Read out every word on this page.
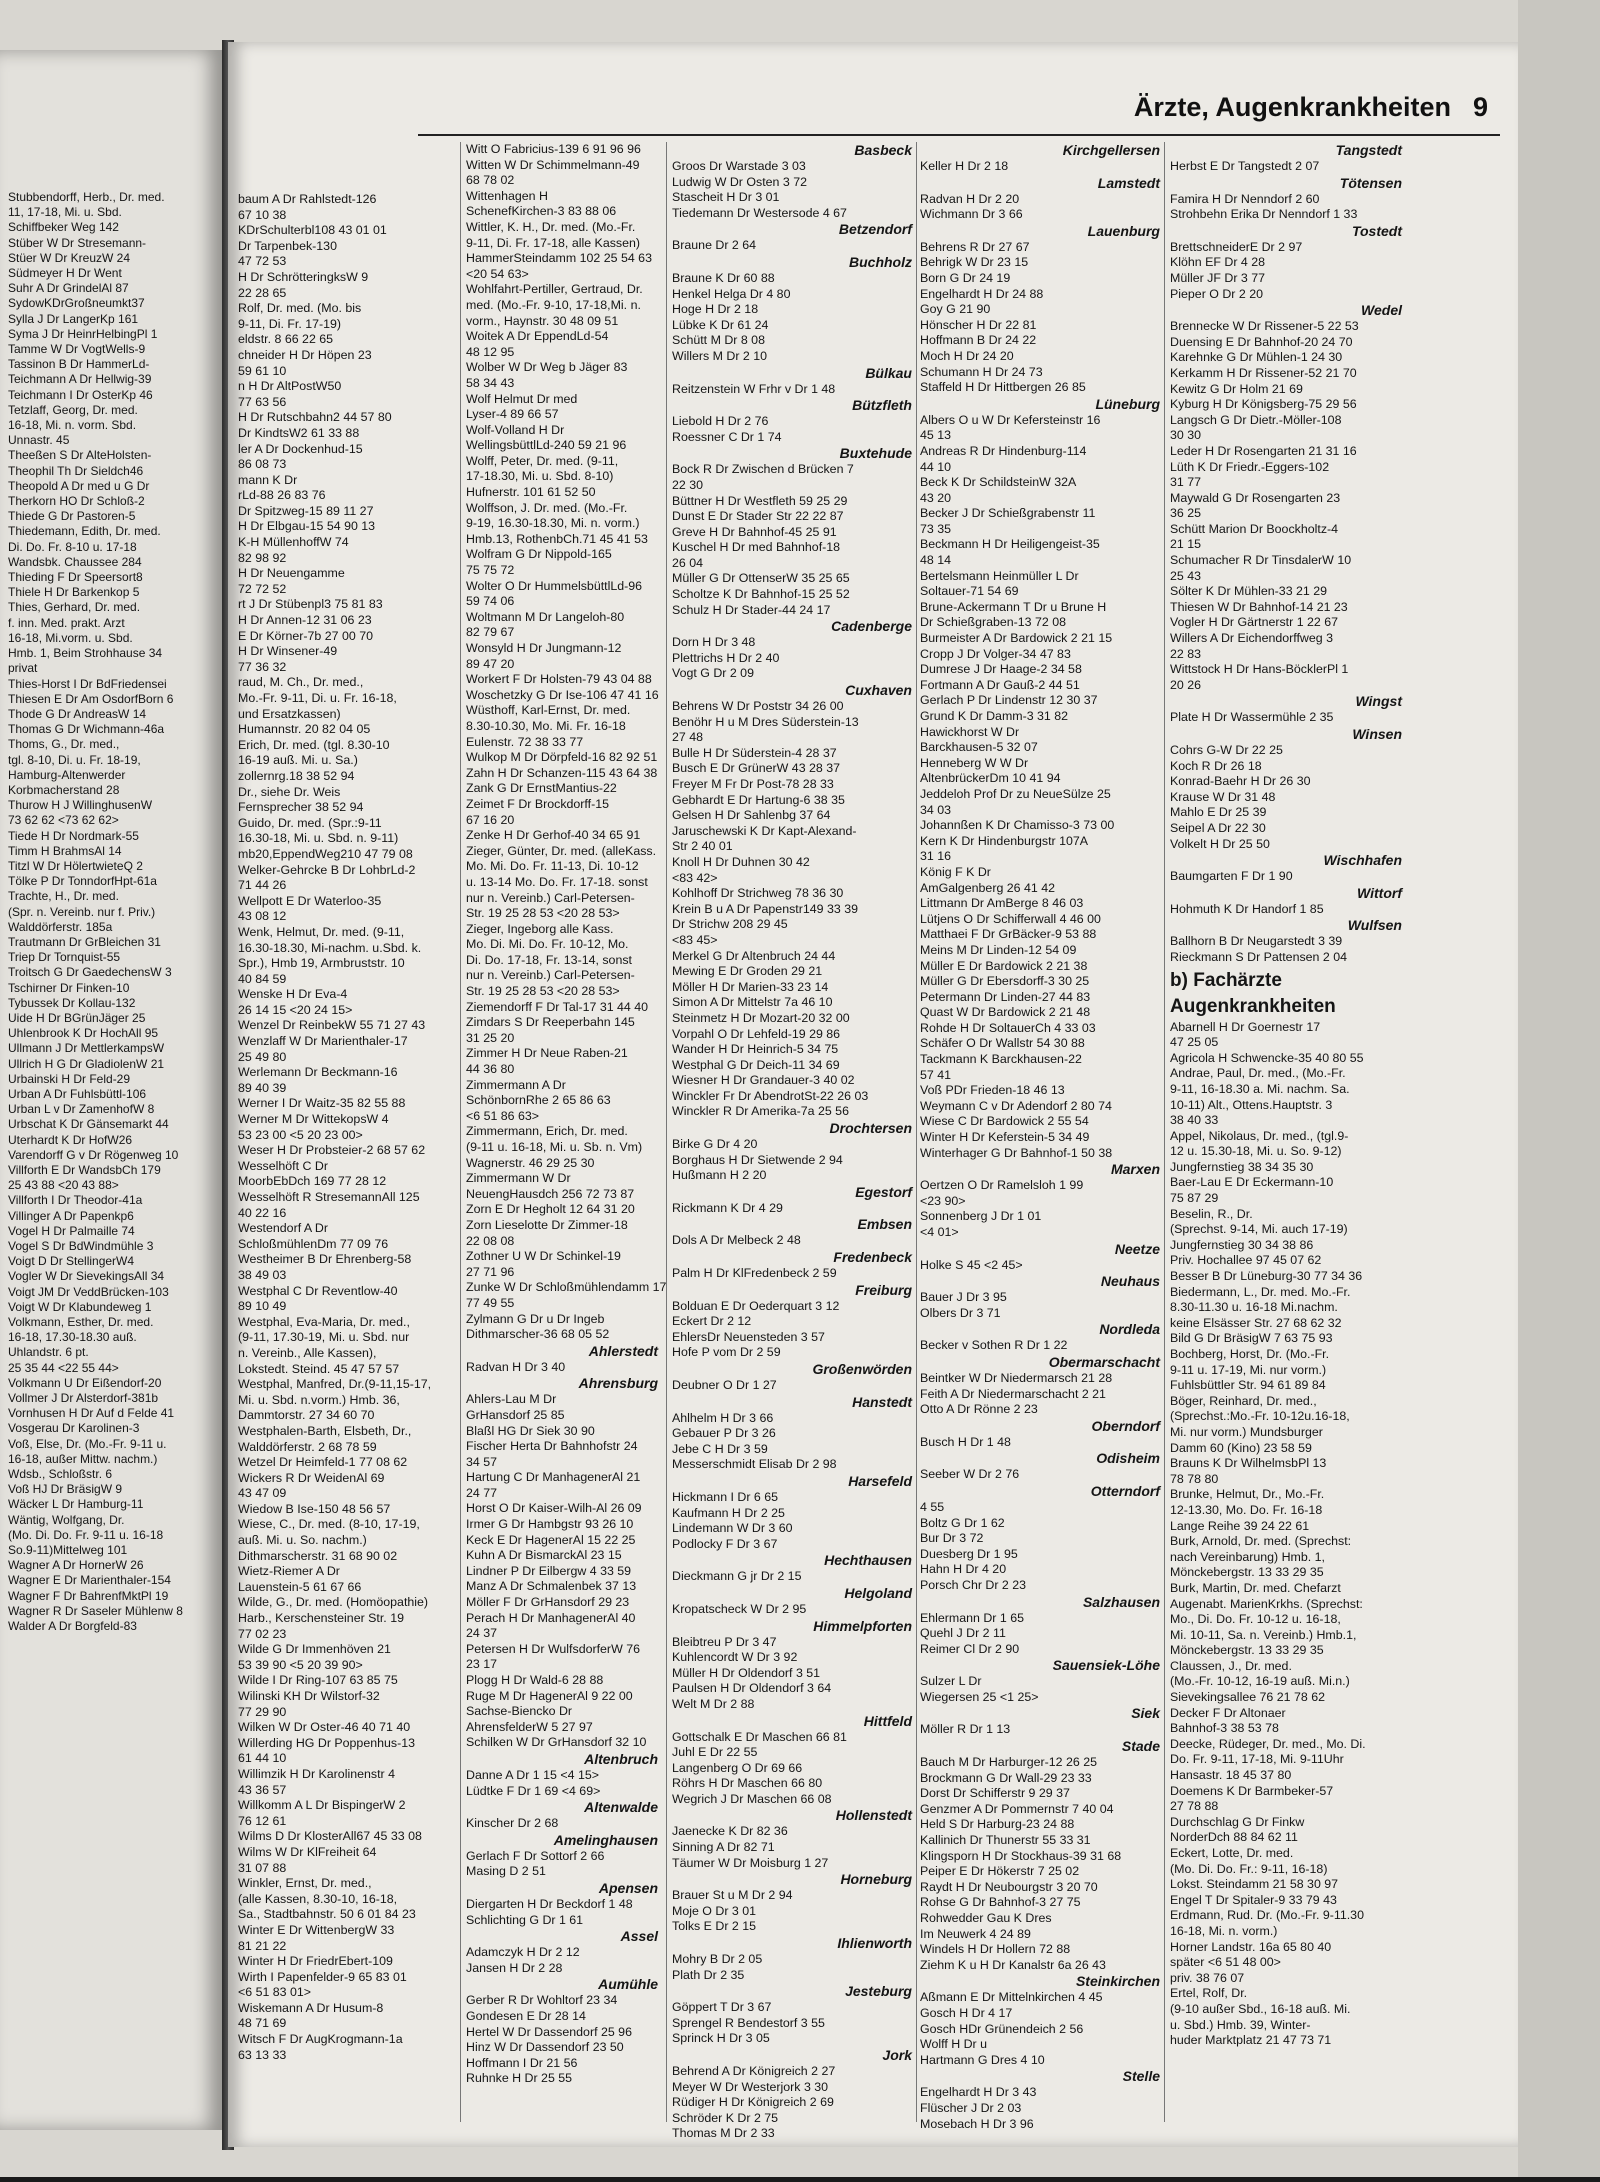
Stubbendorff, Herb., Dr. med.
11, 17-18, Mi. u. Sbd.
Schiffbeker Weg 142
Stüber W Dr Stresemann-
Stüer W Dr KreuzW 24
Südmeyer H Dr Went
Suhr A Dr GrindelAl 87
SydowKDrGroßneumkt37
Sylla J Dr LangerKp 161
Syma J Dr HeinrHelbingPl 1
Tamme W Dr VogtWells-9
Tassinon B Dr HammerLd-
Teichmann A Dr Hellwig-39
Teichmann I Dr OsterKp 46
Tetzlaff, Georg, Dr. med.
16-18, Mi. n. vorm. Sbd.
Unnastr. 45
Theeßen S Dr AlteHolsten-
Theophil Th Dr Sieldch46
Theopold A Dr med u G Dr
Therkorn HO Dr Schloß-2
Thiede G Dr Pastoren-5
Thiedemann, Edith, Dr. med.
Di. Do. Fr. 8-10 u. 17-18
Wandsbk. Chaussee 284
Thieding F Dr Speersort8
Thiele H Dr Barkenkop 5
Thies, Gerhard, Dr. med.
f. inn. Med. prakt. Arzt
16-18, Mi.vorm. u. Sbd.
Hmb. 1, Beim Strohhause 34
privat
Thies-Horst I Dr BdFriedensei
Thiesen E Dr Am OsdorfBorn 6
Thode G Dr AndreasW 14
Thomas G Dr Wichmann-46a
Thoms, G., Dr. med.,
tgl. 8-10, Di. u. Fr. 18-19,
Hamburg-Altenwerder
Korbmacherstand 28
Thurow H J WillinghusenW
73 62 62 <73 62 62>
Tiede H Dr Nordmark-55
Timm H BrahmsAl 14
Titzl W Dr HölertwieteQ 2
Tölke P Dr TonndorfHpt-61a
Trachte, H., Dr. med.
(Spr. n. Vereinb. nur f. Priv.)
Walddörferstr. 185a
Trautmann Dr GrBleichen 31
Triep Dr Tornquist-55
Troitsch G Dr GaedechensW 3
Tschirner Dr Finken-10
Tybussek Dr Kollau-132
Uide H Dr BGrünJäger 25
Uhlenbrook K Dr HochAll 95
Ullmann J Dr MettlerkampsW
Ullrich H G Dr GladiolenW 21
Urbainski H Dr Feld-29
Urban A Dr Fuhlsbüttl-106
Urban L v Dr ZamenhofW 8
Urbschat K Dr Gänsemarkt 44
Uterhardt K Dr HofW26
Varendorff G v Dr Rögenweg 10
Villforth E Dr WandsbCh 179
25 43 88 <20 43 88>
Villforth I Dr Theodor-41a
Villinger A Dr Papenkp6
Vogel H Dr Palmaille 74
Vogel S Dr BdWindmühle 3
Voigt D Dr StellingerW4
Vogler W Dr SievekingsAll 34
Voigt JM Dr VeddBrücken-103
Voigt W Dr Klabundeweg 1
Volkmann, Esther, Dr. med.
16-18, 17.30-18.30 auß.
Uhlandstr. 6 pt.
25 35 44 <22 55 44>
Volkmann U Dr Eißendorf-20
Vollmer J Dr Alsterdorf-381b
Vornhusen H Dr Auf d Felde 41
Vosgerau Dr Karolinen-3
Voß, Else, Dr. (Mo.-Fr. 9-11 u.
16-18, außer Mittw. nachm.)
Wdsb., Schloßstr. 6
Voß HJ Dr BräsigW 9
Wäcker L Dr Hamburg-11
Wäntig, Wolfgang, Dr.
(Mo. Di. Do. Fr. 9-11 u. 16-18
So.9-11)Mittelweg 101
Wagner A Dr HornerW 26
Wagner E Dr Marienthaler-154
Wagner F Dr BahrenfMktPl 19
Wagner R Dr Saseler Mühlenw 8
Walder A Dr Borgfeld-83
Ärzte, Augenkrankheiten 9
baum A Dr Rahlstedt-126
67 10 38
KDrSchulterbl108 43 01 01
Dr Tarpenbek-130
47 72 53
H Dr SchrötteringksW 9
22 28 65
Rolf, Dr. med. (Mo. bis
9-11, Di. Fr. 17-19)
eldstr. 8 66 22 65
chneider H Dr Höpen 23
59 61 10
n H Dr AltPostW50
77 63 56
H Dr Rutschbahn2 44 57 80
Dr KindtsW2 61 33 88
ler A Dr Dockenhud-15
86 08 73
mann K Dr
rLd-88 26 83 76
Dr Spitzweg-15 89 11 27
H Dr Elbgau-15 54 90 13
K-H MüllenhoffW 74
82 98 92
H Dr Neuengamme
72 72 52
rt J Dr Stübenpl3 75 81 83
H Dr Annen-12 31 06 23
E Dr Körner-7b 27 00 70
H Dr Winsener-49
77 36 32
raud, M. Ch., Dr. med.,
Mo.-Fr. 9-11, Di. u. Fr. 16-18,
und Ersatzkassen)
Humannstr. 20 82 04 05
Erich, Dr. med. (tgl. 8.30-10
16-19 auß. Mi. u. Sa.)
zollernrg.18 38 52 94
Dr., siehe Dr. Weis
Fernsprecher 38 52 94
Guido, Dr. med. (Spr.:9-11
16.30-18, Mi. u. Sbd. n. 9-11)
mb20,EppendWeg210 47 79 08
Welker-Gehrcke B Dr LohbrLd-2
71 44 26
Wellpott E Dr Waterloo-35
43 08 12
Wenk, Helmut, Dr. med. (9-11,
16.30-18.30, Mi-nachm. u.Sbd. k.
Spr.), Hmb 19, Armbruststr. 10
40 84 59
Wenske H Dr Eva-4
26 14 15 <20 24 15>
Wenzel Dr ReinbekW 55 71 27 43
Wenzlaff W Dr Marienthaler-17
25 49 80
Werlemann Dr Beckmann-16
89 40 39
Werner I Dr Waitz-35 82 55 88
Werner M Dr WittekopsW 4
53 23 00 <5 20 23 00>
Weser H Dr Probsteier-2 68 57 62
Wesselhöft C Dr
MoorbEbDch 169 77 28 12
Wesselhöft R StresemannAll 125
40 22 16
Westendorf A Dr
SchloßmühlenDm 77 09 76
Westheimer B Dr Ehrenberg-58
38 49 03
Westphal C Dr Reventlow-40
89 10 49
Westphal, Eva-Maria, Dr. med.,
(9-11, 17.30-19, Mi. u. Sbd. nur
n. Vereinb., Alle Kassen),
Lokstedt. Steind. 45 47 57 57
Westphal, Manfred, Dr.(9-11,15-17,
Mi. u. Sbd. n.vorm.) Hmb. 36,
Dammtorstr. 27 34 60 70
Westphalen-Barth, Elsbeth, Dr.,
Walddörferstr. 2 68 78 59
Wetzel Dr Heimfeld-1 77 08 62
Wickers R Dr WeidenAl 69
43 47 09
Wiedow B Ise-150 48 56 57
Wiese, C., Dr. med. (8-10, 17-19,
auß. Mi. u. So. nachm.)
Dithmarscherstr. 31 68 90 02
Wietz-Riemer A Dr
Lauenstein-5 61 67 66
Wilde, G., Dr. med. (Homöopathie)
Harb., Kerschensteiner Str. 19
77 02 23
Wilde G Dr Immenhöven 21
53 39 90 <5 20 39 90>
Wilde I Dr Ring-107 63 85 75
Wilinski KH Dr Wilstorf-32
77 29 90
Wilken W Dr Oster-46 40 71 40
Willerding HG Dr Poppenhus-13
61 44 10
Willimzik H Dr Karolinenstr 4
43 36 57
Willkomm A L Dr BispingerW 2
76 12 61
Wilms D Dr KlosterAll67 45 33 08
Wilms W Dr KlFreiheit 64
31 07 88
Winkler, Ernst, Dr. med.,
(alle Kassen, 8.30-10, 16-18,
Sa., Stadtbahnstr. 50 6 01 84 23
Winter E Dr WittenbergW 33
81 21 22
Winter H Dr FriedrEbert-109
Wirth I Papenfelder-9 65 83 01
<6 51 83 01>
Wiskemann A Dr Husum-8
48 71 69
Witsch F Dr AugKrogmann-1a
63 13 33
Witt O Fabricius-139 6 91 96 96
Witten W Dr Schimmelmann-49
68 78 02
Wittenhagen H
SchenefKirchen-3 83 88 06
Wittler, K. H., Dr. med. (Mo.-Fr.
9-11, Di. Fr. 17-18, alle Kassen)
HammerSteindamm 102 25 54 63
<20 54 63>
Wohlfahrt-Pertiller, Gertraud, Dr.
med. (Mo.-Fr. 9-10, 17-18,Mi. n.
vorm., Haynstr. 30 48 09 51
Woitek A Dr EppendLd-54
48 12 95
Wolber W Dr Weg b Jäger 83
58 34 43
Wolf Helmut Dr med
Lyser-4 89 66 57
Wolf-Volland H Dr
WellingsbüttlLd-240 59 21 96
Wolff, Peter, Dr. med. (9-11,
17-18.30, Mi. u. Sbd. 8-10)
Hufnerstr. 101 61 52 50
Wolffson, J. Dr. med. (Mo.-Fr.
9-19, 16.30-18.30, Mi. n. vorm.)
Hmb.13, RothenbCh.71 45 41 53
Wolfram G Dr Nippold-165
75 75 72
Wolter O Dr HummelsbüttlLd-96
59 74 06
Woltmann M Dr Langeloh-80
82 79 67
Wonsyld H Dr Jungmann-12
89 47 20
Workert F Dr Holsten-79 43 04 88
Woschetzky G Dr Ise-106 47 41 16
Wüsthoff, Karl-Ernst, Dr. med.
8.30-10.30, Mo. Mi. Fr. 16-18
Eulenstr. 72 38 33 77
Wulkop M Dr Dörpfeld-16 82 92 51
Zahn H Dr Schanzen-115 43 64 38
Zank G Dr ErnstMantius-22
Zeimet F Dr Brockdorff-15
67 16 20
Zenke H Dr Gerhof-40 34 65 91
Zieger, Günter, Dr. med. (alleKass.
Mo. Mi. Do. Fr. 11-13, Di. 10-12
u. 13-14 Mo. Do. Fr. 17-18. sonst
nur n. Vereinb.) Carl-Petersen-
Str. 19 25 28 53 <20 28 53>
Zieger, Ingeborg alle Kass.
Mo. Di. Mi. Do. Fr. 10-12, Mo.
Di. Do. 17-18, Fr. 13-14, sonst
nur n. Vereinb.) Carl-Petersen-
Str. 19 25 28 53 <20 28 53>
Ziemendorff F Dr Tal-17 31 44 40
Zimdars S Dr Reeperbahn 145
31 25 20
Zimmer H Dr Neue Raben-21
44 36 80
Zimmermann A Dr
SchönbornRhe 2 65 86 63
<6 51 86 63>
Zimmermann, Erich, Dr. med.
(9-11 u. 16-18, Mi. u. Sb. n. Vm)
Wagnerstr. 46 29 25 30
Zimmermann W Dr
NeuengHausdch 256 72 73 87
Zorn E Dr Hegholt 12 64 31 20
Zorn Lieselotte Dr Zimmer-18
22 08 08
Zothner U W Dr Schinkel-19
27 71 96
Zunke W Dr Schloßmühlendamm 17
77 49 55
Zylmann G Dr u Dr Ingeb
Dithmarscher-36 68 05 52
Ahlerstedt
Radvan H Dr 3 40
Ahrensburg
Ahlers-Lau M Dr
GrHansdorf 25 85
Blaßl HG Dr Siek 30 90
Fischer Herta Dr Bahnhofstr 24
34 57
Hartung C Dr ManhagenerAl 21
24 77
Horst O Dr Kaiser-Wilh-Al 26 09
Irmer G Dr Hambgstr 93 26 10
Keck E Dr HagenerAl 15 22 25
Kuhn A Dr BismarckAl 23 15
Lindner P Dr Eilbergw 4 33 59
Manz A Dr Schmalenbek 37 13
Möller F Dr GrHansdorf 29 23
Perach H Dr ManhagenerAl 40
24 37
Petersen H Dr WulfsdorferW 76
23 17
Plogg H Dr Wald-6 28 88
Ruge M Dr HagenerAl 9 22 00
Sachse-Biencko Dr
AhrensfelderW 5 27 97
Schilken W Dr GrHansdorf 32 10
Altenbruch
Danne A Dr 1 15 <4 15>
Lüdtke F Dr 1 69 <4 69>
Altenwalde
Kinscher Dr 2 68
Amelinghausen
Gerlach F Dr Sottorf 2 66
Masing D 2 51
Apensen
Diergarten H Dr Beckdorf 1 48
Schlichting G Dr 1 61
Assel
Adamczyk H Dr 2 12
Jansen H Dr 2 28
Aumühle
Gerber R Dr Wohltorf 23 34
Gondesen E Dr 28 14
Hertel W Dr Dassendorf 25 96
Hinz W Dr Dassendorf 23 50
Hoffmann I Dr 21 56
Ruhnke H Dr 25 55
Basbeck
Groos Dr Warstade 3 03
Ludwig W Dr Osten 3 72
Stascheit H Dr 3 01
Tiedemann Dr Westersode 4 67
Betzendorf
Braune Dr 2 64
Buchholz
Braune K Dr 60 88
Henkel Helga Dr 4 80
Hoge H Dr 2 18
Lübke K Dr 61 24
Schütt M Dr 8 08
Willers M Dr 2 10
Bülkau
Reitzenstein W Frhr v Dr 1 48
Bützfleth
Liebold H Dr 2 76
Roessner C Dr 1 74
Buxtehude
Bock R Dr Zwischen d Brücken 7
22 30
Büttner H Dr Westfleth 59 25 29
Dunst E Dr Stader Str 22 22 87
Greve H Dr Bahnhof-45 25 91
Kuschel H Dr med Bahnhof-18
26 04
Müller G Dr OttenserW 35 25 65
Scholtze K Dr Bahnhof-15 25 52
Schulz H Dr Stader-44 24 17
Cadenberge
Dorn H Dr 3 48
Plettrichs H Dr 2 40
Vogt G Dr 2 09
Cuxhaven
Behrens W Dr Poststr 34 26 00
Benöhr H u M Dres Süderstein-13
27 48
Bulle H Dr Süderstein-4 28 37
Busch E Dr GrünerW 43 28 37
Freyer M Fr Dr Post-78 28 33
Gebhardt E Dr Hartung-6 38 35
Gelsen H Dr Sahlenbg 37 64
Jaruschewski K Dr Kapt-Alexand-
Str 2 40 01
Knoll H Dr Duhnen 30 42
<83 42>
Kohlhoff Dr Strichweg 78 36 30
Krein B u A Dr Papenstr149 33 39
Dr Strichw 208 29 45
<83 45>
Merkel G Dr Altenbruch 24 44
Mewing E Dr Groden 29 21
Möller H Dr Marien-33 23 14
Simon A Dr Mittelstr 7a 46 10
Steinmetz H Dr Mozart-20 32 00
Vorpahl O Dr Lehfeld-19 29 86
Wander H Dr Heinrich-5 34 75
Westphal G Dr Deich-11 34 69
Wiesner H Dr Grandauer-3 40 02
Winckler Fr Dr AbendrotSt-22 26 03
Winckler R Dr Amerika-7a 25 56
Drochtersen
Birke G Dr 4 20
Borghaus H Dr Sietwende 2 94
Hußmann H 2 20
Egestorf
Rickmann K Dr 4 29
Embsen
Dols A Dr Melbeck 2 48
Fredenbeck
Palm H Dr KlFredenbeck 2 59
Freiburg
Bolduan E Dr Oederquart 3 12
Eckert Dr 2 12
EhlersDr Neuensteden 3 57
Hofe P vom Dr 2 59
Großenwörden
Deubner O Dr 1 27
Hanstedt
Ahlhelm H Dr 3 66
Gebauer P Dr 3 26
Jebe C H Dr 3 59
Messerschmidt Elisab Dr 2 98
Harsefeld
Hickmann I Dr 6 65
Kaufmann H Dr 2 25
Lindemann W Dr 3 60
Podlocky F Dr 3 67
Hechthausen
Dieckmann G jr Dr 2 15
Helgoland
Kropatscheck W Dr 2 95
Himmelpforten
Bleibtreu P Dr 3 47
Kuhlencordt W Dr 3 92
Müller H Dr Oldendorf 3 51
Paulsen H Dr Oldendorf 3 64
Welt M Dr 2 88
Hittfeld
Gottschalk E Dr Maschen 66 81
Juhl E Dr 22 55
Langenberg O Dr 69 66
Röhrs H Dr Maschen 66 80
Wegrich J Dr Maschen 66 08
Hollenstedt
Jaenecke K Dr 82 36
Sinning A Dr 82 71
Täumer W Dr Moisburg 1 27
Horneburg
Brauer St u M Dr 2 94
Moje O Dr 3 01
Tolks E Dr 2 15
Ihlienworth
Mohry B Dr 2 05
Plath Dr 2 35
Jesteburg
Göppert T Dr 3 67
Sprengel R Bendestorf 3 55
Sprinck H Dr 3 05
Jork
Behrend A Dr Königreich 2 27
Meyer W Dr Westerjork 3 30
Rüdiger H Dr Königreich 2 69
Schröder K Dr 2 75
Thomas M Dr 2 33
Kirchgellersen
Keller H Dr 2 18
Lamstedt
Radvan H Dr 2 20
Wichmann Dr 3 66
Lauenburg
Behrens R Dr 27 67
Behrigk W Dr 23 15
Born G Dr 24 19
Engelhardt H Dr 24 88
Goy G 21 90
Hönscher H Dr 22 81
Hoffmann B Dr 24 22
Moch H Dr 24 20
Schumann H Dr 24 73
Staffeld H Dr Hittbergen 26 85
Lüneburg
Albers O u W Dr Kefersteinstr 16
45 13
Andreas R Dr Hindenburg-114
44 10
Beck K Dr SchildsteinW 32A
43 20
Becker J Dr Schießgrabenstr 11
73 35
Beckmann H Dr Heiligengeist-35
48 14
Bertelsmann Heinmüller L Dr
Soltauer-71 54 69
Brune-Ackermann T Dr u Brune H
Dr Schießgraben-13 72 08
Burmeister A Dr Bardowick 2 21 15
Cropp J Dr Volger-34 47 83
Dumrese J Dr Haage-2 34 58
Fortmann A Dr Gauß-2 44 51
Gerlach P Dr Lindenstr 12 30 37
Grund K Dr Damm-3 31 82
Hawickhorst W Dr
Barckhausen-5 32 07
Henneberg W W Dr
AltenbrückerDm 10 41 94
Jeddeloh Prof Dr zu NeueSülze 25
34 03
Johannßen K Dr Chamisso-3 73 00
Kern K Dr Hindenburgstr 107A
31 16
König F K Dr
AmGalgenberg 26 41 42
Littmann Dr AmBerge 8 46 03
Lütjens O Dr Schifferwall 4 46 00
Matthaei F Dr GrBäcker-9 53 88
Meins M Dr Linden-12 54 09
Müller E Dr Bardowick 2 21 38
Müller G Dr Ebersdorff-3 30 25
Petermann Dr Linden-27 44 83
Quast W Dr Bardowick 2 21 48
Rohde H Dr SoltauerCh 4 33 03
Schäfer O Dr Wallstr 54 30 88
Tackmann K Barckhausen-22
57 41
Voß PDr Frieden-18 46 13
Weymann C v Dr Adendorf 2 80 74
Wiese C Dr Bardowick 2 55 54
Winter H Dr Keferstein-5 34 49
Winterhager G Dr Bahnhof-1 50 38
Marxen
Oertzen O Dr Ramelsloh 1 99
<23 90>
Sonnenberg J Dr 1 01
<4 01>
Neetze
Holke S 45 <2 45>
Neuhaus
Bauer J Dr 3 95
Olbers Dr 3 71
Nordleda
Becker v Sothen R Dr 1 22
Obermarschacht
Beintker W Dr Niedermarsch 21 28
Feith A Dr Niedermarschacht 2 21
Otto A Dr Rönne 2 23
Oberndorf
Busch H Dr 1 48
Odisheim
Seeber W Dr 2 76
Otterndorf
4 55
Boltz G Dr 1 62
Bur Dr 3 72
Duesberg Dr 1 95
Hahn H Dr 4 20
Porsch Chr Dr 2 23
Salzhausen
Ehlermann Dr 1 65
Quehl J Dr 2 11
Reimer Cl Dr 2 90
Sauensiek-Löhe
Sulzer L Dr
Wiegersen 25 <1 25>
Siek
Möller R Dr 1 13
Stade
Bauch M Dr Harburger-12 26 25
Brockmann G Dr Wall-29 23 33
Dorst Dr Schifferstr 9 29 37
Genzmer A Dr Pommernstr 7 40 04
Held S Dr Harburg-23 24 88
Kallinich Dr Thunerstr 55 33 31
Klingsporn H Dr Stockhaus-39 31 68
Peiper E Dr Hökerstr 7 25 02
Raydt H Dr Neubourgstr 3 20 70
Rohse G Dr Bahnhof-3 27 75
Rohwedder Gau K Dres
Im Neuwerk 4 24 89
Windels H Dr Hollern 72 88
Ziehm K u H Dr Kanalstr 6a 26 43
Steinkirchen
Aßmann E Dr Mittelnkirchen 4 45
Gosch H Dr 4 17
Gosch HDr Grünendeich 2 56
Wolff H Dr u
Hartmann G Dres 4 10
Stelle
Engelhardt H Dr 3 43
Flüscher J Dr 2 03
Mosebach H Dr 3 96
Tangstedt
Herbst E Dr Tangstedt 2 07
Tötensen
Famira H Dr Nenndorf 2 60
Strohbehn Erika Dr Nenndorf 1 33
Tostedt
BrettschneiderE Dr 2 97
Klöhn EF Dr 4 28
Müller JF Dr 3 77
Pieper O Dr 2 20
Wedel
Brennecke W Dr Rissener-5 22 53
Duensing E Dr Bahnhof-20 24 70
Karehnke G Dr Mühlen-1 24 30
Kerkamm H Dr Rissener-52 21 70
Kewitz G Dr Holm 21 69
Kyburg H Dr Königsberg-75 29 56
Langsch G Dr Dietr.-Möller-108
30 30
Leder H Dr Rosengarten 21 31 16
Lüth K Dr Friedr.-Eggers-102
31 77
Maywald G Dr Rosengarten 23
36 25
Schütt Marion Dr Boockholtz-4
21 15
Schumacher R Dr TinsdalerW 10
25 43
Sölter K Dr Mühlen-33 21 29
Thiesen W Dr Bahnhof-14 21 23
Vogler H Dr Gärtnerstr 1 22 67
Willers A Dr Eichendorffweg 3
22 83
Wittstock H Dr Hans-BöcklerPl 1
20 26
Wingst
Plate H Dr Wassermühle 2 35
Winsen
Cohrs G-W Dr 22 25
Koch R Dr 26 18
Konrad-Baehr H Dr 26 30
Krause W Dr 31 48
Mahlo E Dr 25 39
Seipel A Dr 22 30
Volkelt H Dr 25 50
Wischhafen
Baumgarten F Dr 1 90
Wittorf
Hohmuth K Dr Handorf 1 85
Wulfsen
Ballhorn B Dr Neugarstedt 3 39
Rieckmann S Dr Pattensen 2 04
b) Fachärzte
Augenkrankheiten
Abarnell H Dr Goernestr 17
47 25 05
Agricola H Schwencke-35 40 80 55
Andrae, Paul, Dr. med., (Mo.-Fr.
9-11, 16-18.30 a. Mi. nachm. Sa.
10-11) Alt., Ottens.Hauptstr. 3
38 40 33
Appel, Nikolaus, Dr. med., (tgl.9-
12 u. 15.30-18, Mi. u. So. 9-12)
Jungfernstieg 38 34 35 30
Baer-Lau E Dr Eckermann-10
75 87 29
Beselin, R., Dr.
(Sprechst. 9-14, Mi. auch 17-19)
Jungfernstieg 30 34 38 86
Priv. Hochallee 97 45 07 62
Besser B Dr Lüneburg-30 77 34 36
Biedermann, L., Dr. med. Mo.-Fr.
8.30-11.30 u. 16-18 Mi.nachm.
keine Elsässer Str. 27 68 62 32
Bild G Dr BräsigW 7 63 75 93
Bochberg, Horst, Dr. (Mo.-Fr.
9-11 u. 17-19, Mi. nur vorm.)
Fuhlsbüttler Str. 94 61 89 84
Böger, Reinhard, Dr. med.,
(Sprechst.:Mo.-Fr. 10-12u.16-18,
Mi. nur vorm.) Mundsburger
Damm 60 (Kino) 23 58 59
Brauns K Dr WilhelmsbPl 13
78 78 80
Brunke, Helmut, Dr., Mo.-Fr.
12-13.30, Mo. Do. Fr. 16-18
Lange Reihe 39 24 22 61
Burk, Arnold, Dr. med. (Sprechst:
nach Vereinbarung) Hmb. 1,
Mönckebergstr. 13 33 29 35
Burk, Martin, Dr. med. Chefarzt
Augenabt. MarienKrkhs. (Sprechst:
Mo., Di. Do. Fr. 10-12 u. 16-18,
Mi. 10-11, Sa. n. Vereinb.) Hmb.1,
Mönckebergstr. 13 33 29 35
Claussen, J., Dr. med.
(Mo.-Fr. 10-12, 16-19 auß. Mi.n.)
Sievekingsallee 76 21 78 62
Decker F Dr Altonaer
Bahnhof-3 38 53 78
Deecke, Rüdeger, Dr. med., Mo. Di.
Do. Fr. 9-11, 17-18, Mi. 9-11Uhr
Hansastr. 18 45 37 80
Doemens K Dr Barmbeker-57
27 78 88
Durchschlag G Dr Finkw
NorderDch 88 84 62 11
Eckert, Lotte, Dr. med.
(Mo. Di. Do. Fr.: 9-11, 16-18)
Lokst. Steindamm 21 58 30 97
Engel T Dr Spitaler-9 33 79 43
Erdmann, Rud. Dr. (Mo.-Fr. 9-11.30
16-18, Mi. n. vorm.)
Horner Landstr. 16a 65 80 40
später <6 51 48 00>
priv. 38 76 07
Ertel, Rolf, Dr.
(9-10 außer Sbd., 16-18 auß. Mi.
u. Sbd.) Hmb. 39, Winter-
huder Marktplatz 21 47 73 71
